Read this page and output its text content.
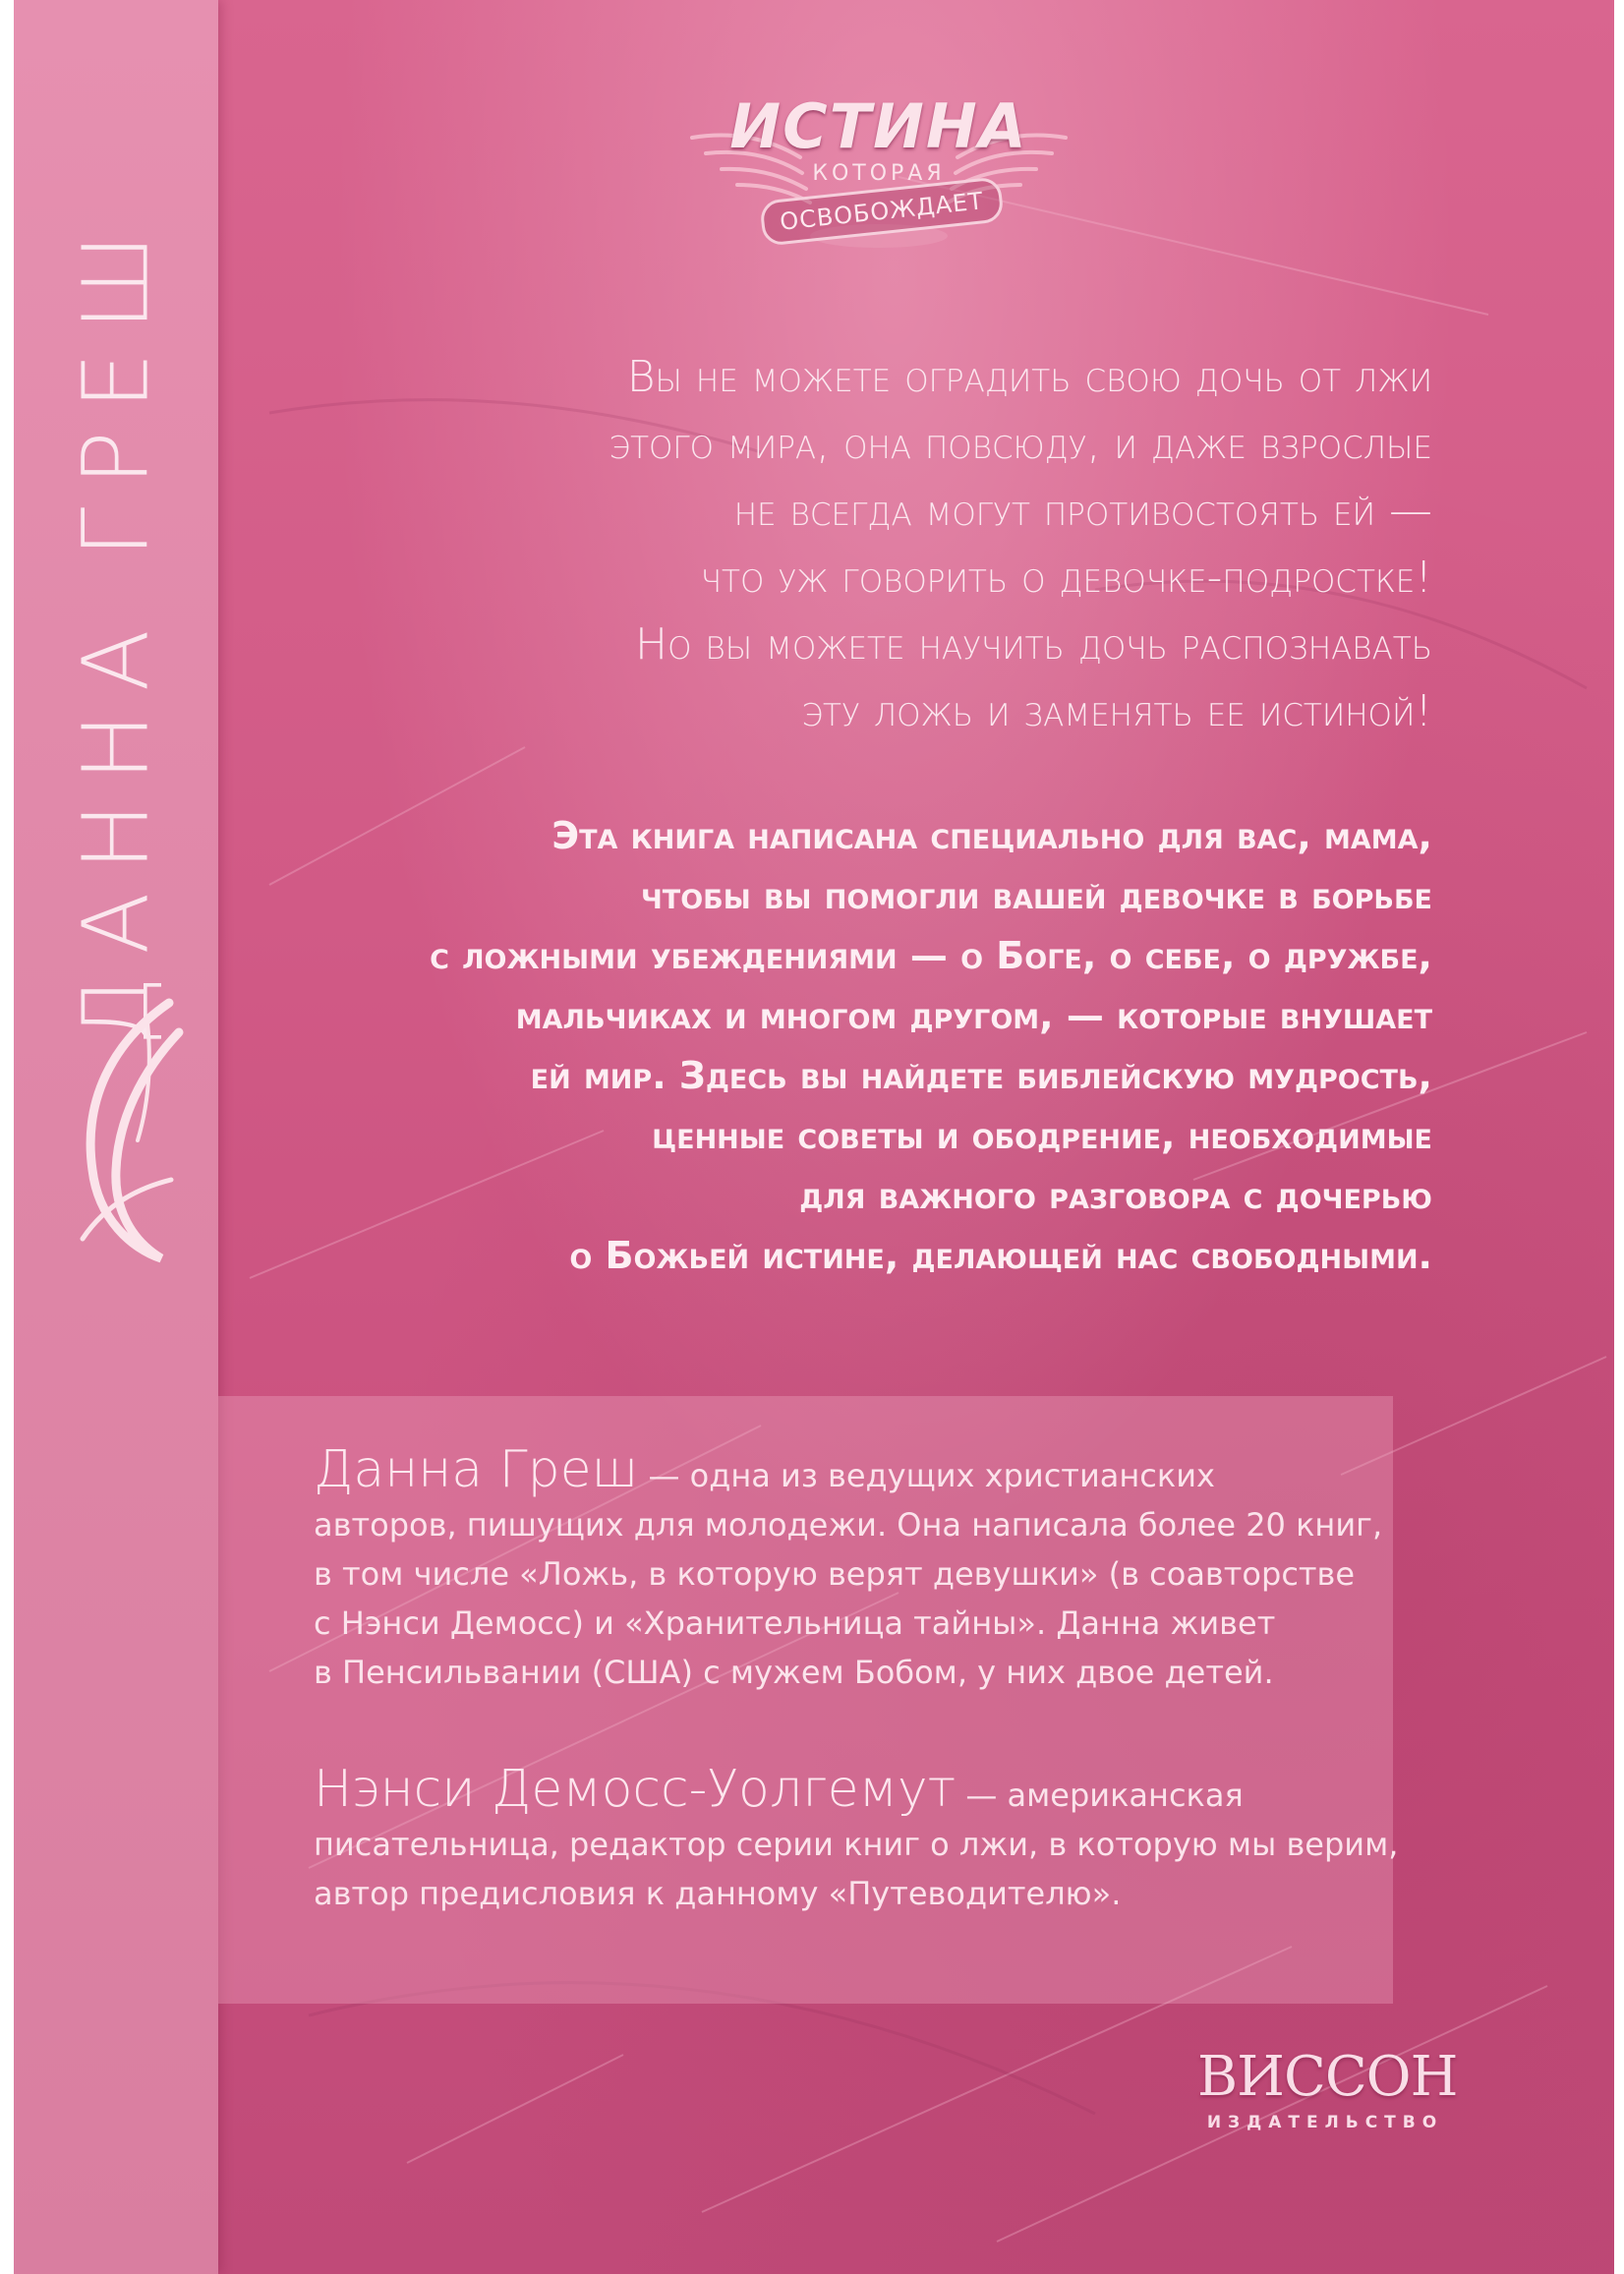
ДАННА ГРЕШ
ИСТИНА
КОТОРАЯ
ОСВОБОЖДАЕТ
Вы не можете оградить свою дочь от лжи
этого мира, она повсюду, и даже взрослые
не всегда могут противостоять ей —
что уж говорить о девочке-подростке!
Но вы можете научить дочь распознавать
эту ложь и заменять ее истиной!
Эта книга написана специально для вас, мама,
чтобы вы помогли вашей девочке в борьбе
с ложными убеждениями — о Боге, о себе, о дружбе,
мальчиках и многом другом, — которые внушает
ей мир. Здесь вы найдете библейскую мудрость,
ценные советы и ободрение, необходимые
для важного разговора с дочерью
о Божьей истине, делающей нас свободными.
Данна Греш — одна из ведущих христианских
авторов, пишущих для молодежи. Она написала более 20 книг,
в том числе «Ложь, в которую верят девушки» (в соавторстве
с Нэнси Демосс) и «Хранительница тайны». Данна живет
в Пенсильвании (США) с мужем Бобом, у них двое детей.
Нэнси Демосс-Уолгемут — американская
писательница, редактор серии книг о лжи, в которую мы верим,
автор предисловия к данному «Путеводителю».
ВИССОН
ИЗДАТЕЛЬСТВО
